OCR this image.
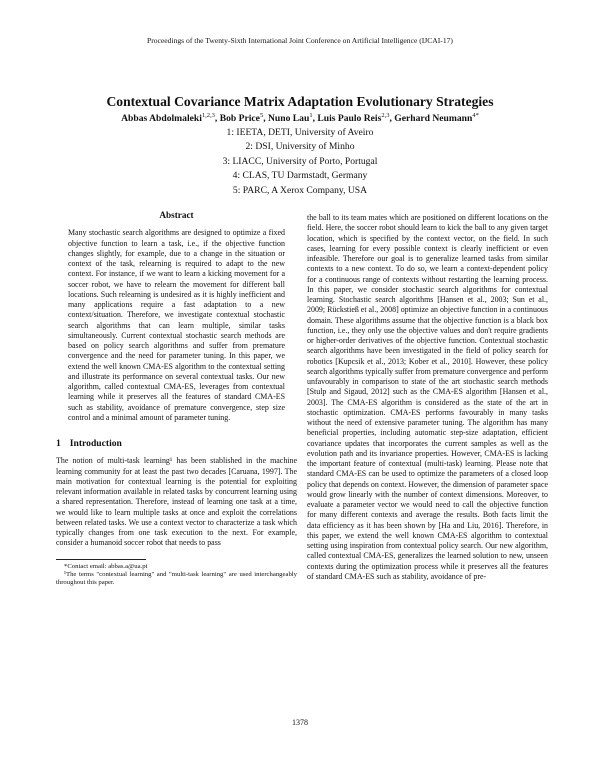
Proceedings of the Twenty-Sixth International Joint Conference on Artificial Intelligence (IJCAI-17)
Contextual Covariance Matrix Adaptation Evolutionary Strategies
Abbas Abdolmaleki$^{1,2,3}$, Bob Price$^5$, Nuno Lau$^1$, Luis Paulo Reis$^{2,3}$, Gerhard Neumann$^{4*}$
1: IEETA, DETI, University of Aveiro
2: DSI, University of Minho
3: LIACC, University of Porto, Portugal
4: CLAS, TU Darmstadt, Germany
5: PARC, A Xerox Company, USA
Abstract

Many stochastic search algorithms are designed to optimize a fixed objective function to learn a task, i.e., if the objective function changes slightly, for example, due to a change in the situation or context of the task, relearning is required to adapt to the new context. For instance, if we want to learn a kicking movement for a soccer robot, we have to relearn the movement for different ball locations. Such relearning is undesired as it is highly inefficient and many applications require a fast adaptation to a new context/situation. Therefore, we investigate contextual stochastic search algorithms that can learn multiple, similar tasks simultaneously. Current contextual stochastic search methods are based on policy search algorithms and suffer from premature convergence and the need for parameter tuning. In this paper, we extend the well known CMA-ES algorithm to the contextual setting and illustrate its performance on several contextual tasks. Our new algorithm, called contextual CMA-ES, leverages from contextual learning while it preserves all the features of standard CMA-ES such as stability, avoidance of premature convergence, step size control and a minimal amount of parameter tuning.

1 Introduction

The notion of multi-task learning¹ has been stablished in the machine learning community for at least the past two decades [Caruana, 1997]. The main motivation for contextual learning is the potential for exploiting relevant information available in related tasks by concurrent learning using a shared representation. Therefore, instead of learning one task at a time, we would like to learn multiple tasks at once and exploit the correlations between related tasks. We use a context vector to characterize a task which typically changes from one task execution to the next. For example, consider a humanoid soccer robot that needs to pass

*Contact email: abbas.a@ua.pt

¹The terms "contextual learning" and "multi-task learning" are used interchangeably throughout this paper.

the ball to its team mates which are positioned on different locations on the field. Here, the soccer robot should learn to kick the ball to any given target location, which is specified by the context vector, on the field. In such cases, learning for every possible context is clearly inefficient or even infeasible. Therefore our goal is to generalize learned tasks from similar contexts to a new context. To do so, we learn a context-dependent policy for a continuous range of contexts without restarting the learning process. In this paper, we consider stochastic search algorithms for contextual learning. Stochastic search algorithms [Hansen et al., 2003; Sun et al., 2009; Rückstieß et al., 2008] optimize an objective function in a continuous domain. These algorithms assume that the objective function is a black box function, i.e., they only use the objective values and don't require gradients or higher-order derivatives of the objective function. Contextual stochastic search algorithms have been investigated in the field of policy search for robotics [Kupcsik et al., 2013; Kober et al., 2010]. However, these policy search algorithms typically suffer from premature convergence and perform unfavourably in comparison to state of the art stochastic search methods [Stulp and Sigaud, 2012] such as the CMA-ES algorithm [Hansen et al., 2003]. The CMA-ES algorithm is considered as the state of the art in stochastic optimization. CMA-ES performs favourably in many tasks without the need of extensive parameter tuning. The algorithm has many beneficial properties, including automatic step-size adaptation, efficient covariance updates that incorporates the current samples as well as the evolution path and its invariance properties. However, CMA-ES is lacking the important feature of contextual (multi-task) learning. Please note that standard CMA-ES can be used to optimize the parameters of a closed loop policy that depends on context. However, the dimension of parameter space would grow linearly with the number of context dimensions. Moreover, to evaluate a parameter vector we would need to call the objective function for many different contexts and average the results. Both facts limit the data efficiency as it has been shown by [Ha and Liu, 2016]. Therefore, in this paper, we extend the well known CMA-ES algorithm to contextual setting using inspiration from contextual policy search. Our new algorithm, called contextual CMA-ES, generalizes the learned solution to new, unseen contexts during the optimization process while it preserves all the features of standard CMA-ES such as stability, avoidance of pre-

1378
